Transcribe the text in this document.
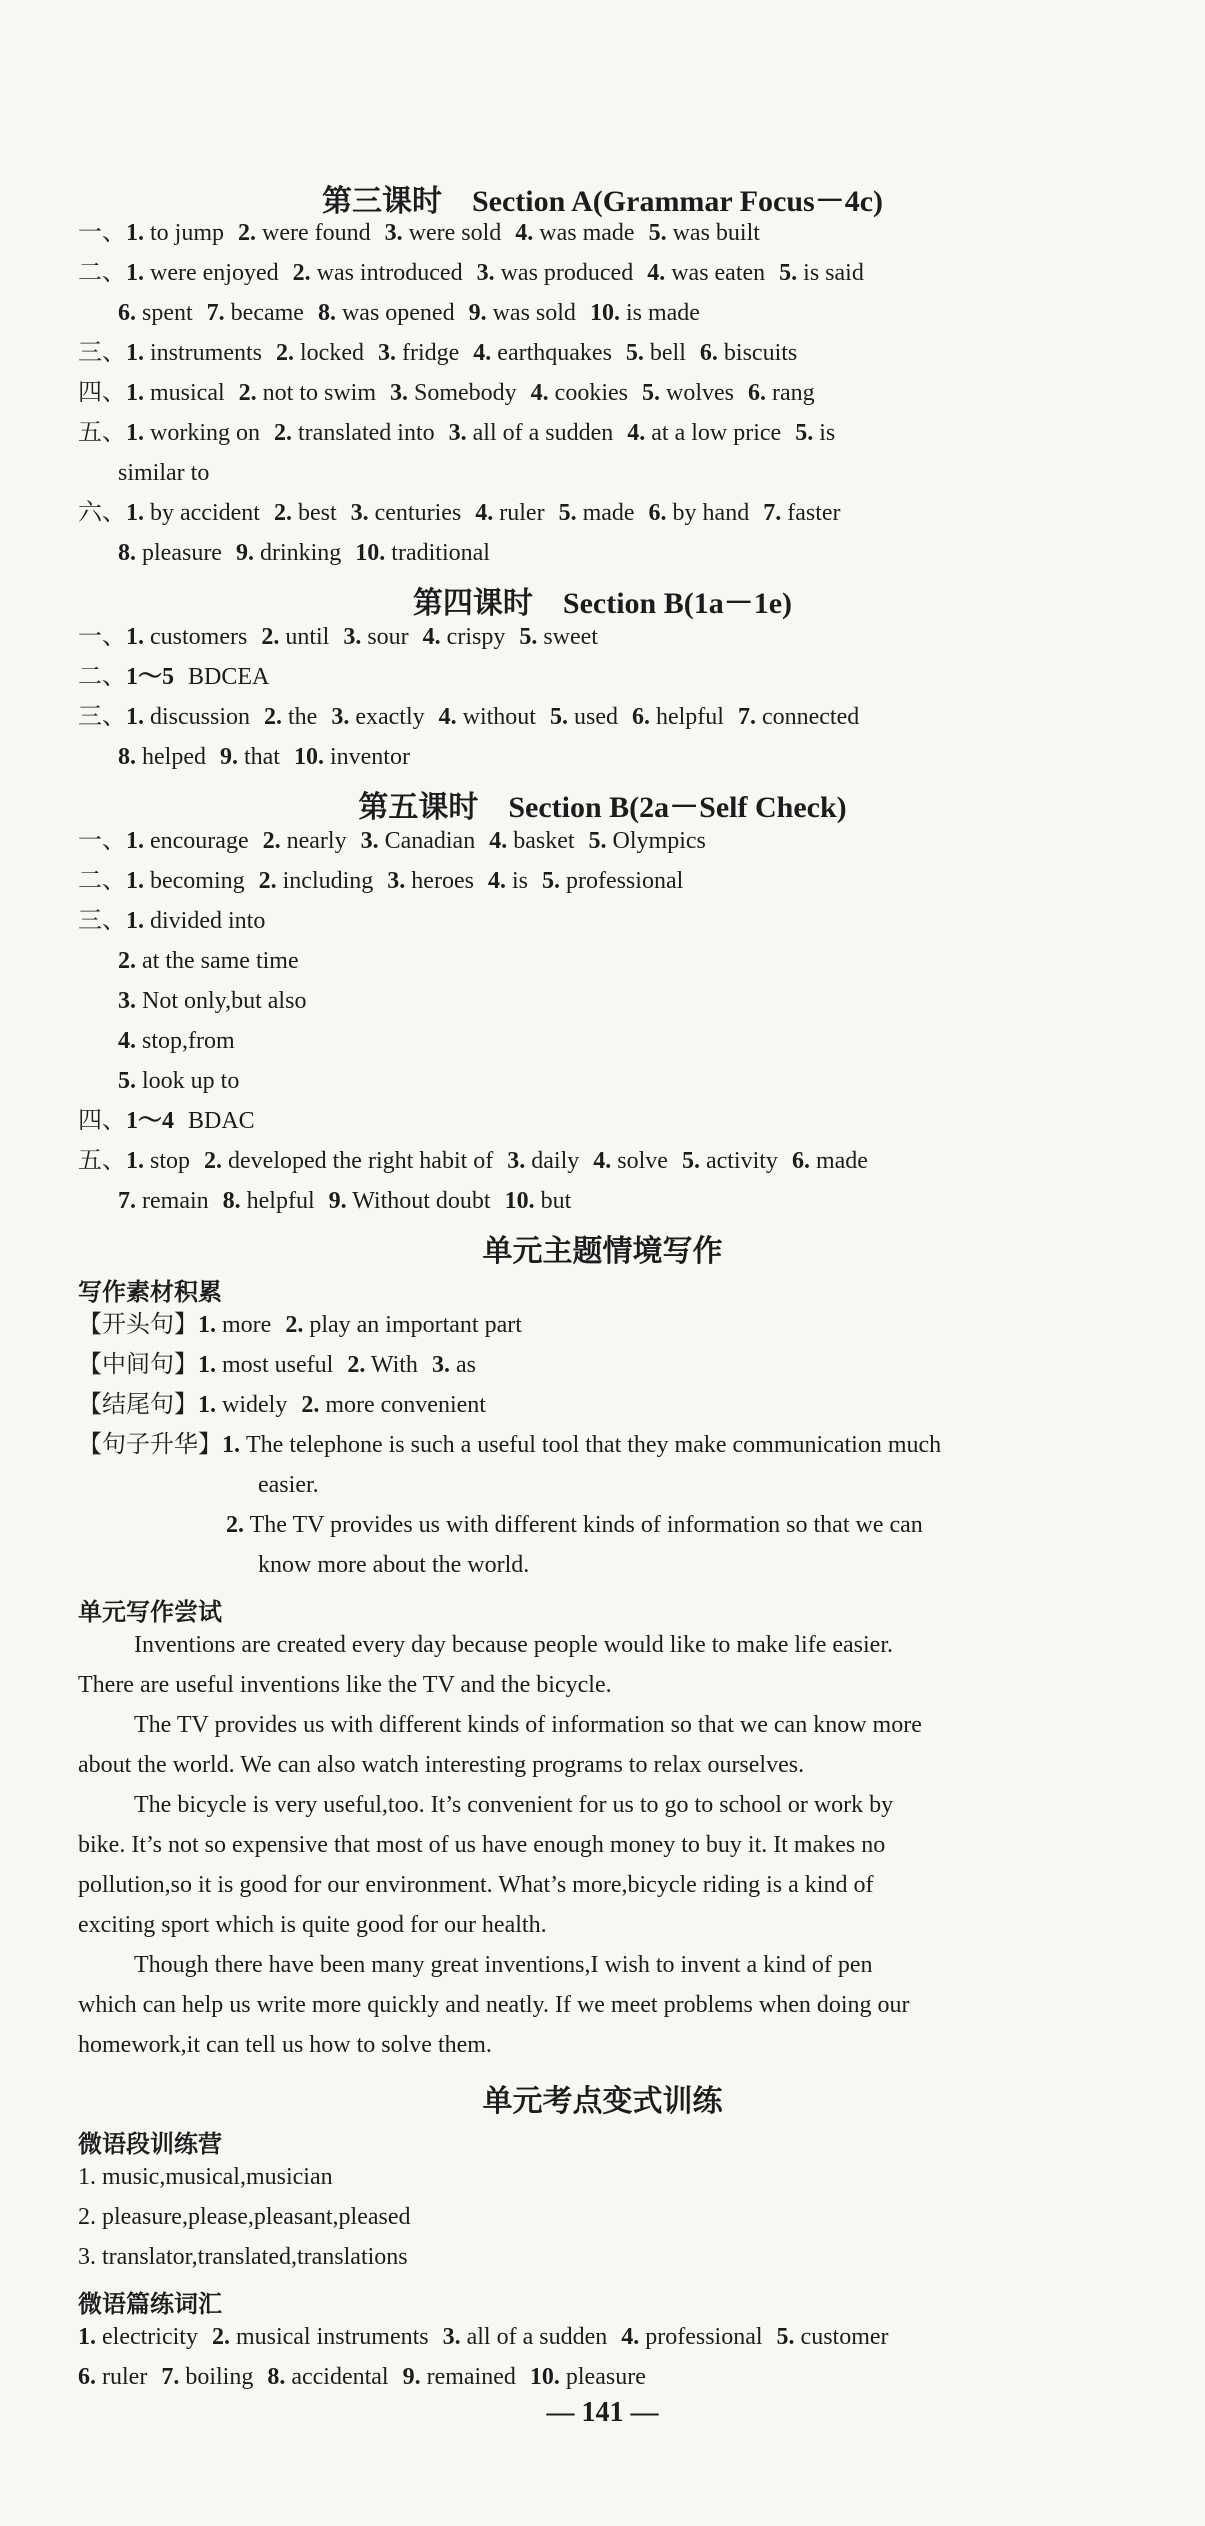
第三课时　Section A(Grammar Focus－4c)
一、1. to jump 2. were found 3. were sold 4. was made 5. was built
二、1. were enjoyed 2. was introduced 3. was produced 4. was eaten 5. is said
6. spent 7. became 8. was opened 9. was sold 10. is made
三、1. instruments 2. locked 3. fridge 4. earthquakes 5. bell 6. biscuits
四、1. musical 2. not to swim 3. Somebody 4. cookies 5. wolves 6. rang
五、1. working on 2. translated into 3. all of a sudden 4. at a low price 5. is
similar to
六、1. by accident 2. best 3. centuries 4. ruler 5. made 6. by hand 7. faster
8. pleasure 9. drinking 10. traditional
第四课时　Section B(1a－1e)
一、1. customers 2. until 3. sour 4. crispy 5. sweet
二、1～5 BDCEA
三、1. discussion 2. the 3. exactly 4. without 5. used 6. helpful 7. connected
8. helped 9. that 10. inventor
第五课时　Section B(2a－Self Check)
一、1. encourage 2. nearly 3. Canadian 4. basket 5. Olympics
二、1. becoming 2. including 3. heroes 4. is 5. professional
三、1. divided into
2. at the same time
3. Not only,but also
4. stop,from
5. look up to
四、1～4 BDAC
五、1. stop 2. developed the right habit of 3. daily 4. solve 5. activity 6. made
7. remain 8. helpful 9. Without doubt 10. but
单元主题情境写作
写作素材积累
【开头句】1. more 2. play an important part
【中间句】1. most useful 2. With 3. as
【结尾句】1. widely 2. more convenient
【句子升华】1. The telephone is such a useful tool that they make communication much
easier.
2. The TV provides us with different kinds of information so that we can
know more about the world.
单元写作尝试
Inventions are created every day because people would like to make life easier.
There are useful inventions like the TV and the bicycle.
The TV provides us with different kinds of information so that we can know more
about the world. We can also watch interesting programs to relax ourselves.
The bicycle is very useful,too. It’s convenient for us to go to school or work by
bike. It’s not so expensive that most of us have enough money to buy it. It makes no
pollution,so it is good for our environment. What’s more,bicycle riding is a kind of
exciting sport which is quite good for our health.
Though there have been many great inventions,I wish to invent a kind of pen
which can help us write more quickly and neatly. If we meet problems when doing our
homework,it can tell us how to solve them.
单元考点变式训练
微语段训练营
1. music,musical,musician
2. pleasure,please,pleasant,pleased
3. translator,translated,translations
微语篇练词汇
1. electricity 2. musical instruments 3. all of a sudden 4. professional 5. customer
6. ruler 7. boiling 8. accidental 9. remained 10. pleasure
— 141 —
